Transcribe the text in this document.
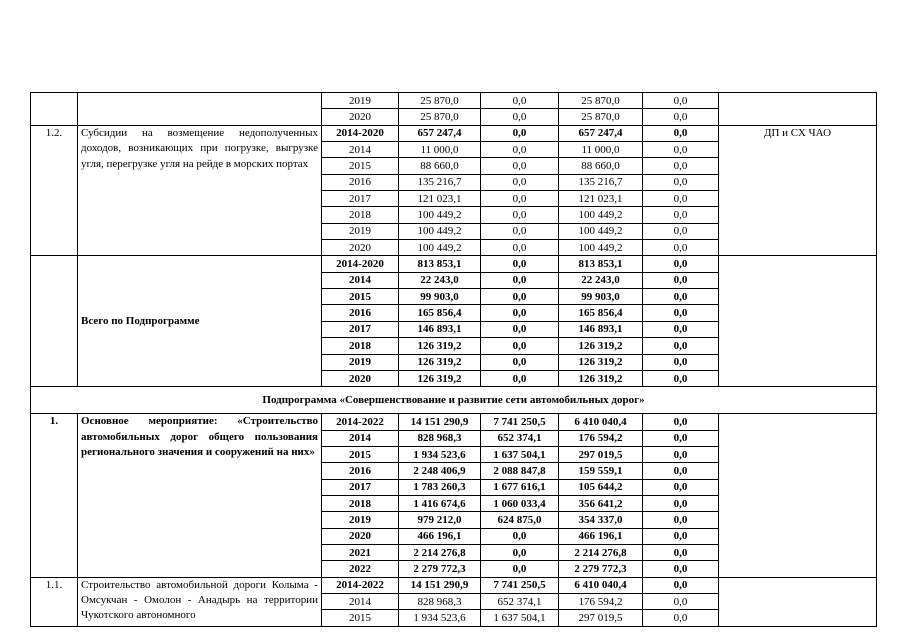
		2019	25 870,0	0,0	25 870,0	0,0	
		2020	25 870,0	0,0	25 870,0	0,0	
1.2.	Субсидии на возмещение недополученных доходов, возникающих при погрузке, выгрузке угля, перегрузке угля на рейде в морских портах	2014-2020	657 247,4	0,0	657 247,4	0,0	ДП и СХ ЧАО
		2014	11 000,0	0,0	11 000,0	0,0	
		2015	88 660,0	0,0	88 660,0	0,0	
		2016	135 216,7	0,0	135 216,7	0,0	
		2017	121 023,1	0,0	121 023,1	0,0	
		2018	100 449,2	0,0	100 449,2	0,0	
		2019	100 449,2	0,0	100 449,2	0,0	
		2020	100 449,2	0,0	100 449,2	0,0	
	Всего по Подпрограмме	2014-2020	813 853,1	0,0	813 853,1	0,0	
		2014	22 243,0	0,0	22 243,0	0,0	
		2015	99 903,0	0,0	99 903,0	0,0	
		2016	165 856,4	0,0	165 856,4	0,0	
		2017	146 893,1	0,0	146 893,1	0,0	
		2018	126 319,2	0,0	126 319,2	0,0	
		2019	126 319,2	0,0	126 319,2	0,0	
		2020	126 319,2	0,0	126 319,2	0,0	
Подпрограмма «Совершенствование и развитие сети автомобильных дорог»							
1.	Основное мероприятие: «Строительство автомобильных дорог общего пользования регионального значения и сооружений на них»	2014-2022	14 151 290,9	7 741 250,5	6 410 040,4	0,0	
		2014	828 968,3	652 374,1	176 594,2	0,0	
		2015	1 934 523,6	1 637 504,1	297 019,5	0,0	
		2016	2 248 406,9	2 088 847,8	159 559,1	0,0	
		2017	1 783 260,3	1 677 616,1	105 644,2	0,0	
		2018	1 416 674,6	1 060 033,4	356 641,2	0,0	
		2019	979 212,0	624 875,0	354 337,0	0,0	
		2020	466 196,1	0,0	466 196,1	0,0	
		2021	2 214 276,8	0,0	2 214 276,8	0,0	
		2022	2 279 772,3	0,0	2 279 772,3	0,0	
1.1.	Строительство автомобильной дороги Колыма - Омсукчан - Омолон - Анадырь на территории Чукотского автономного	2014-2022	14 151 290,9	7 741 250,5	6 410 040,4	0,0	
		2014	828 968,3	652 374,1	176 594,2	0,0	
		2015	1 934 523,6	1 637 504,1	297 019,5	0,0	
